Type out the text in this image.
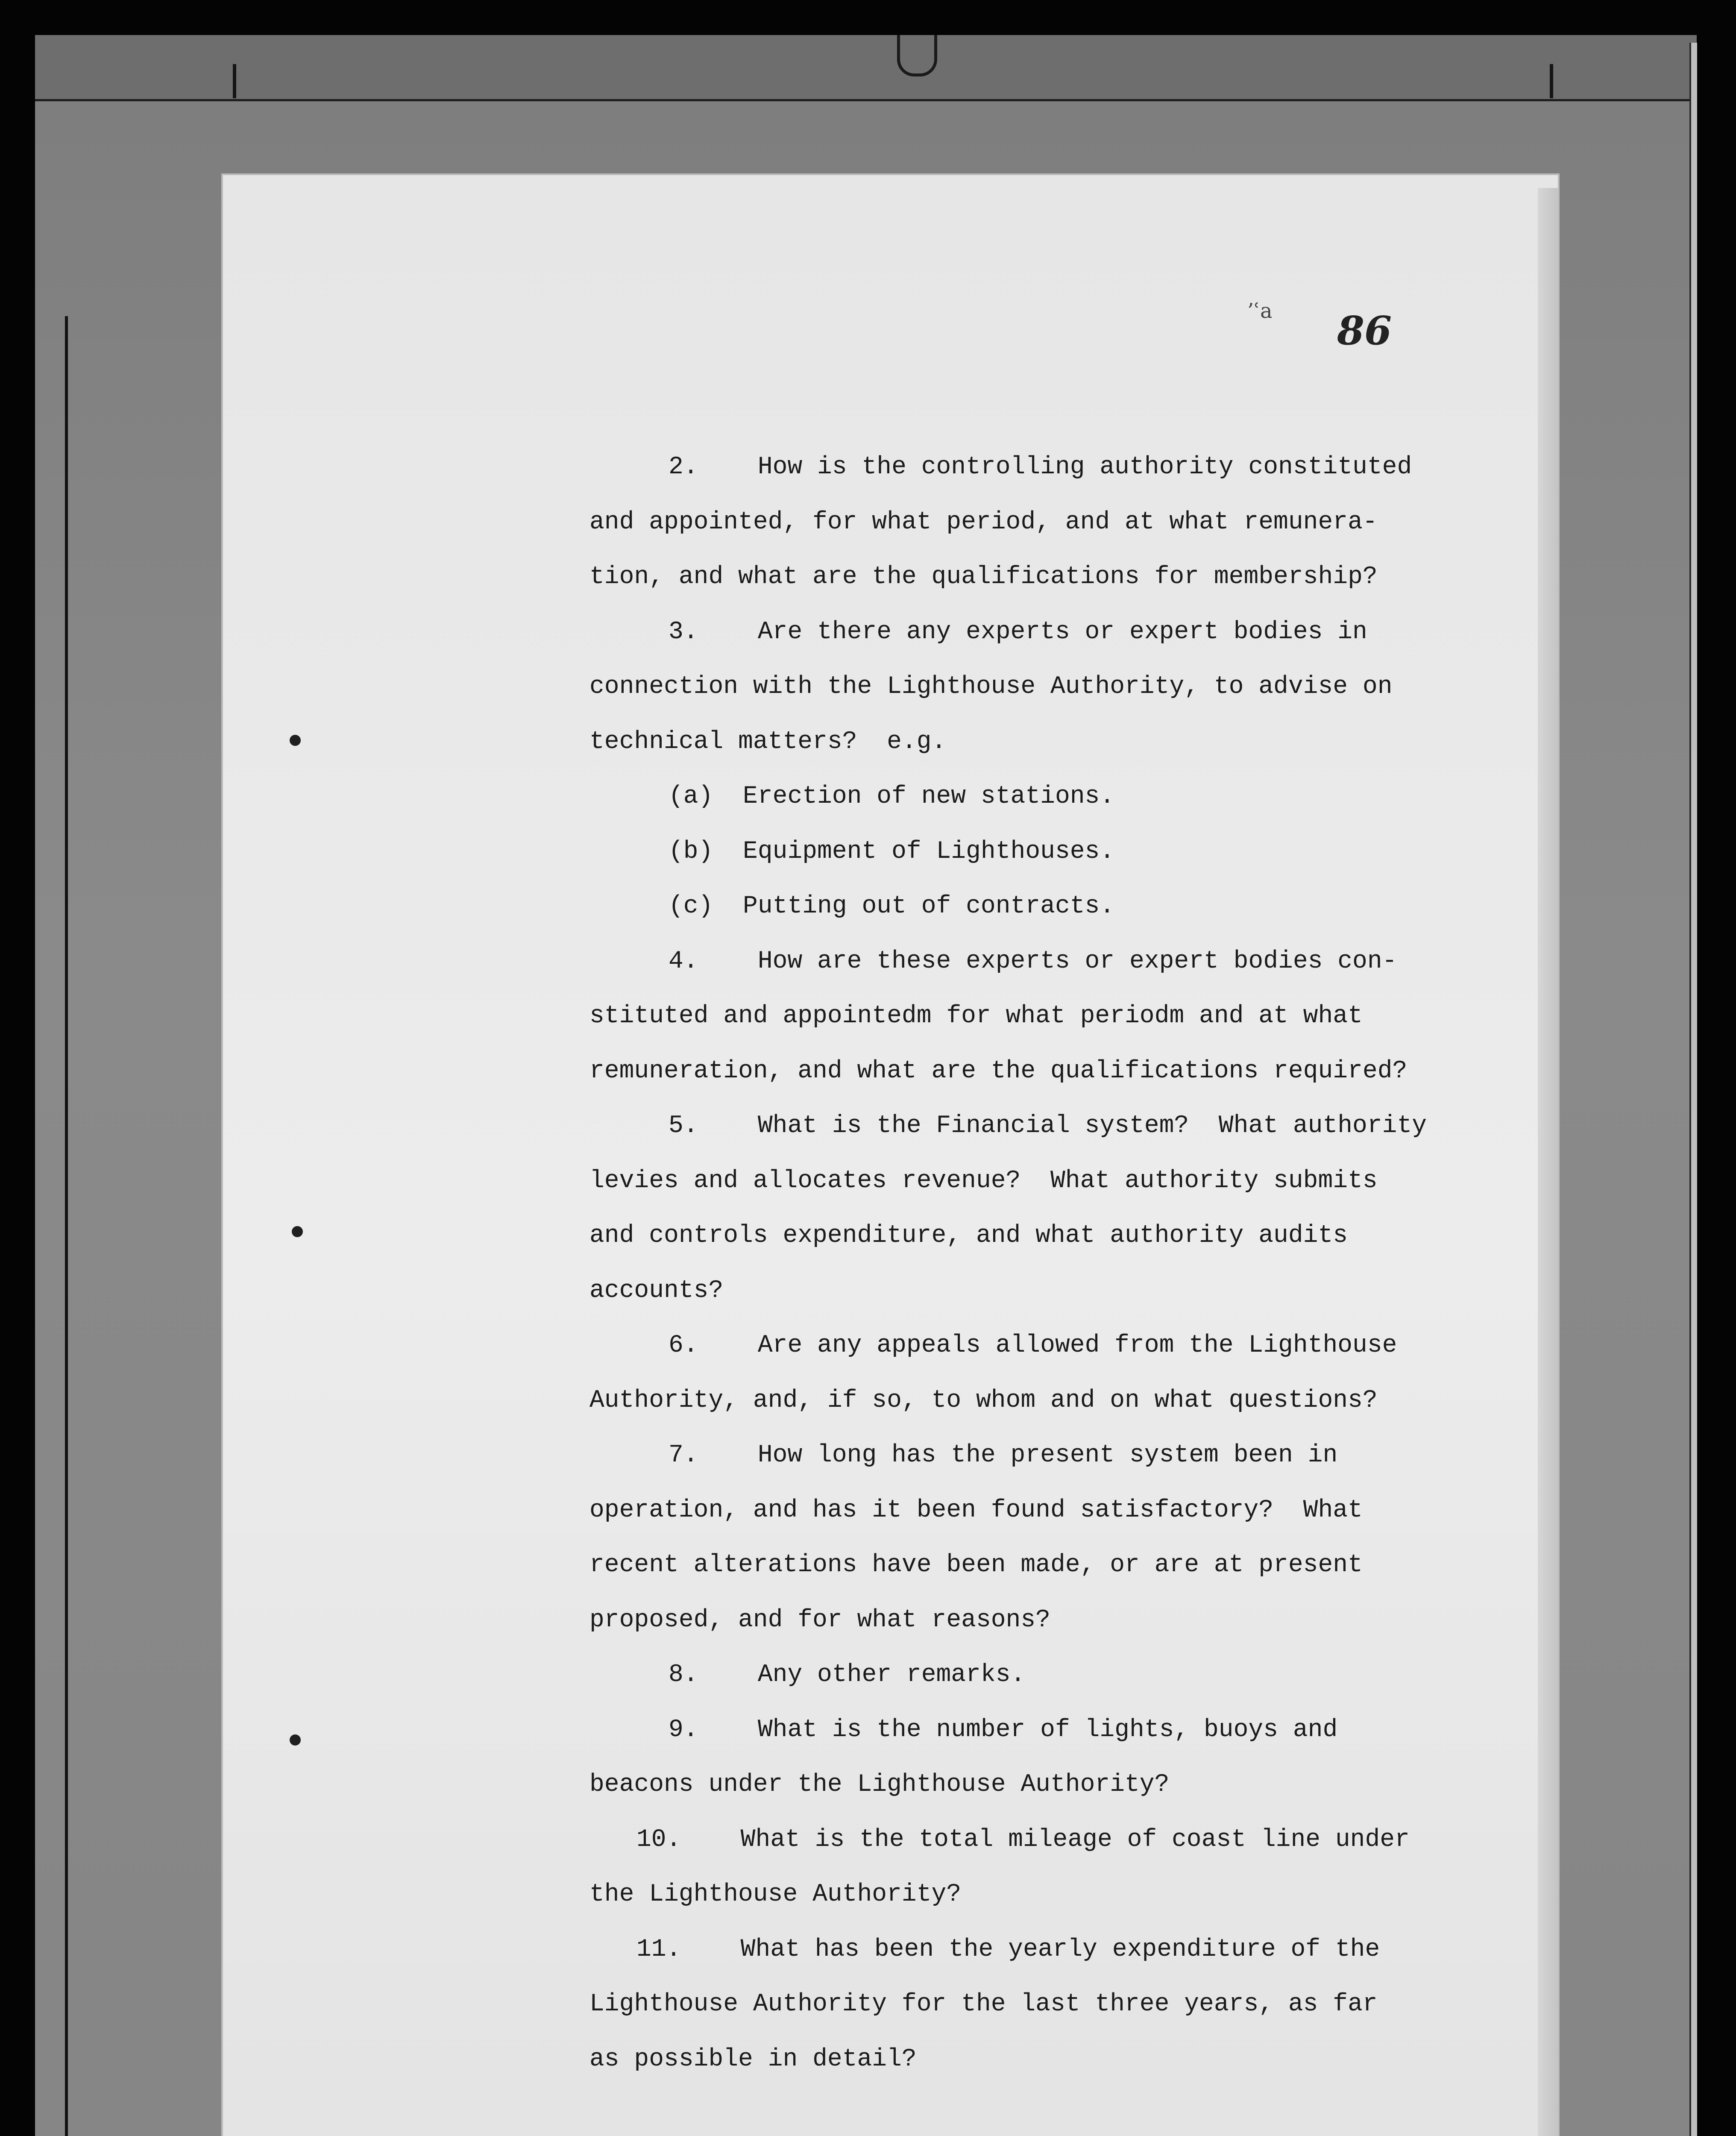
’ʿa 86
2.    How is the controlling authority constituted
and appointed, for what period, and at what remunera-
tion, and what are the qualifications for membership?
3.    Are there any experts or expert bodies in
connection with the Lighthouse Authority, to advise on
technical matters?  e.g.
(a)  Erection of new stations.
(b)  Equipment of Lighthouses.
(c)  Putting out of contracts.
4.    How are these experts or expert bodies con-
stituted and appointedm for what periodm and at what
remuneration, and what are the qualifications required?
5.    What is the Financial system?  What authority
levies and allocates revenue?  What authority submits
and controls expenditure, and what authority audits
accounts?
6.    Are any appeals allowed from the Lighthouse
Authority, and, if so, to whom and on what questions?
7.    How long has the present system been in
operation, and has it been found satisfactory?  What
recent alterations have been made, or are at present
proposed, and for what reasons?
8.    Any other remarks.
9.    What is the number of lights, buoys and
beacons under the Lighthouse Authority?
10.    What is the total mileage of coast line under
the Lighthouse Authority?
11.    What has been the yearly expenditure of the
Lighthouse Authority for the last three years, as far
as possible in detail?
